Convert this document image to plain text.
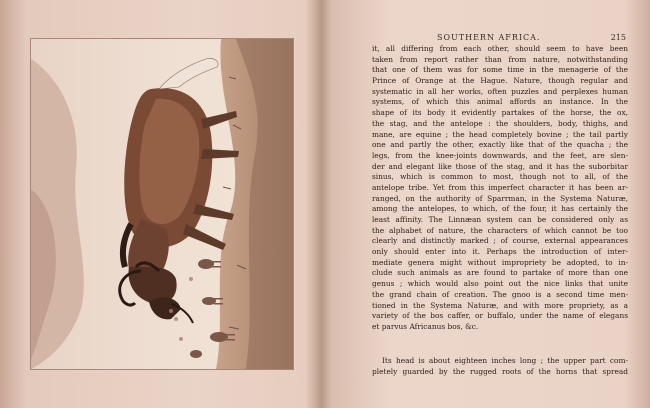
SOUTHERN AFRICA.	215
it, all differing from each other, should seem to have been
taken from report rather than from nature, notwithstanding
that one of them was for some time in the menagerie of the
Prince of Orange at the Hague. Nature, though regular and
systematic in all her works, often puzzles and perplexes human
systems, of which this animal affords an instance. In the
shape of its body it evidently partakes of the horse, the ox,
the stag, and the antelope : the shoulders, body, thighs, and
mane, are equine ; the head completely bovine ; the tail partly
one and partly the other, exactly like that of the quacha ; the
legs, from the knee-joints downwards, and the feet, are slen-
der and elegant like those of the stag, and it has the suborbitar
sinus, which is common to most, though not to all, of the
antelope tribe. Yet from this imperfect character it has been ar-
ranged, on the authority of Sparrman, in the Systema Naturæ,
among the antelopes, to which, of the four, it has certainly the
least affinity. The Linnæan system can be considered only as
the alphabet of nature, the characters of which cannot be too
clearly and distinctly marked ; of course, external appearances
only should enter into it. Perhaps the introduction of inter-
mediate genera might without impropriety be adopted, to in-
clude such animals as are found to partake of more than one
genus ; which would also point out the nice links that unite
the grand chain of creation. The gnoo is a second time men-
tioned in the Systema Naturæ, and with more propriety, as a
variety of the bos caffer, or buffalo, under the name of elegans
et parvus Africanus bos, &c.
Its head is about eighteen inches long ; the upper part com-
pletely guarded by the rugged roots of the horns that spread
